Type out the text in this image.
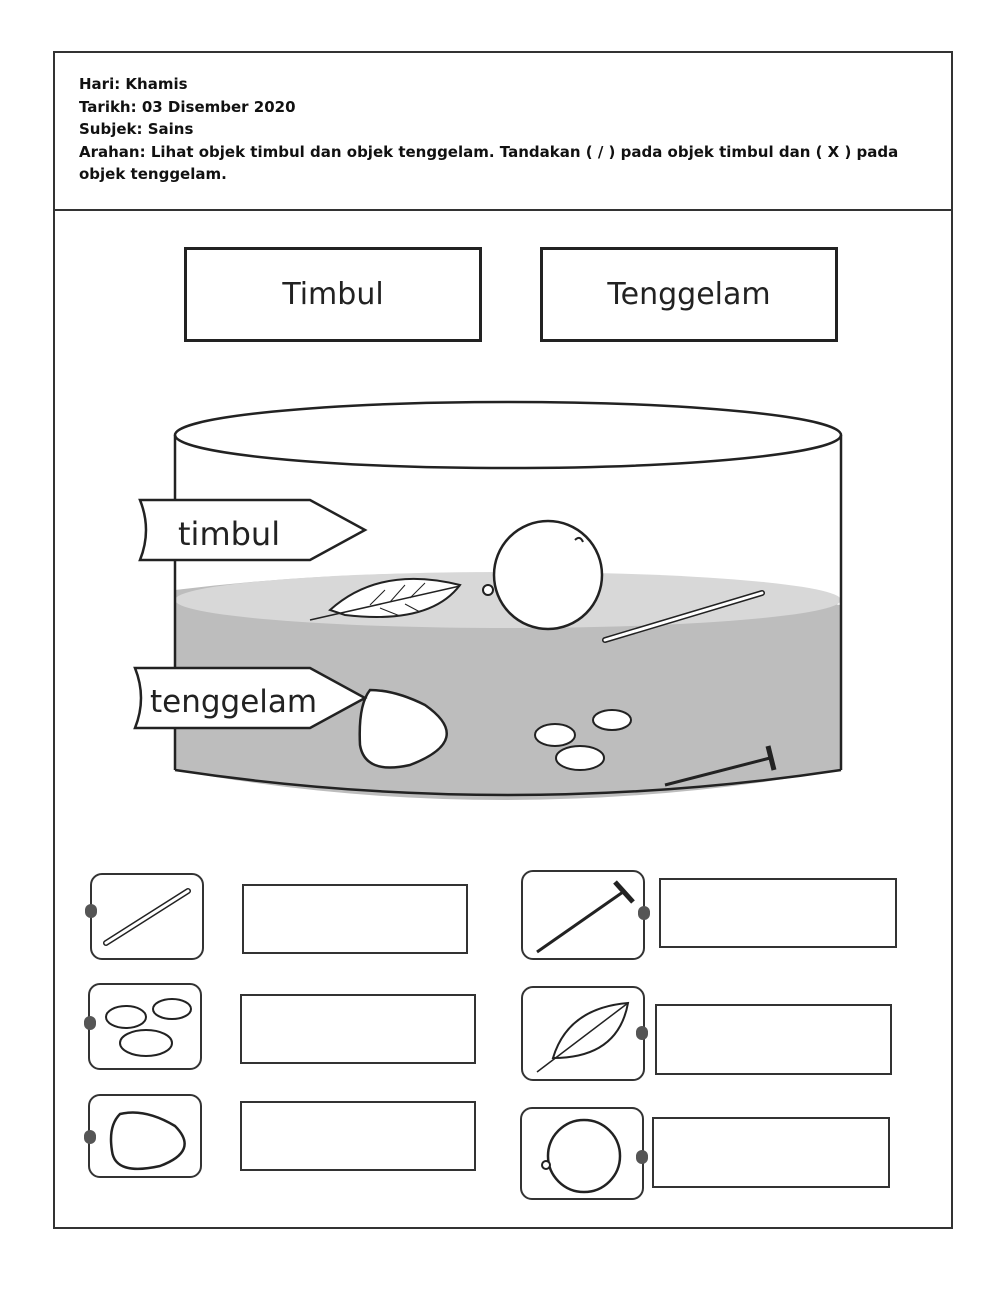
Hari: Khamis
Tarikh: 03 Disember 2020
Subjek: Sains
Arahan: Lihat objek timbul dan objek tenggelam. Tandakan ( / ) pada objek timbul dan ( X ) pada
objek tenggelam.
Timbul	Tenggelam
timbul
tenggelam
